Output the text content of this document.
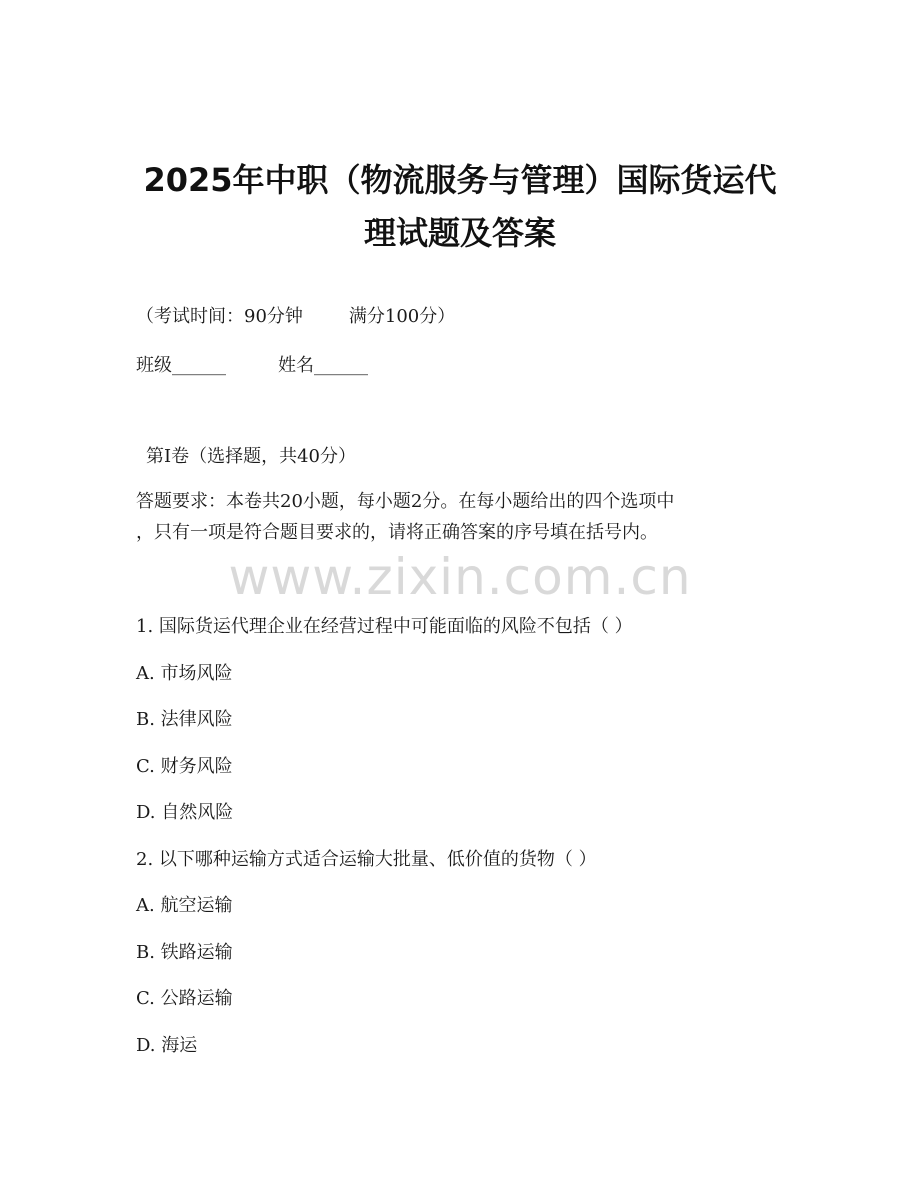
2025年中职（物流服务与管理）国际货运代
理试题及答案
（考试时间：90分钟	满分100分）
班级______	姓名______
第Ⅰ卷（选择题，共40分）
答题要求：本卷共20小题，每小题2分。在每小题给出的四个选项中
，只有一项是符合题目要求的，请将正确答案的序号填在括号内。
www.zixin.com.cn
1. 国际货运代理企业在经营过程中可能面临的风险不包括（ ）
A. 市场风险
B. 法律风险
C. 财务风险
D. 自然风险
2. 以下哪种运输方式适合运输大批量、低价值的货物（ ）
A. 航空运输
B. 铁路运输
C. 公路运输
D. 海运
